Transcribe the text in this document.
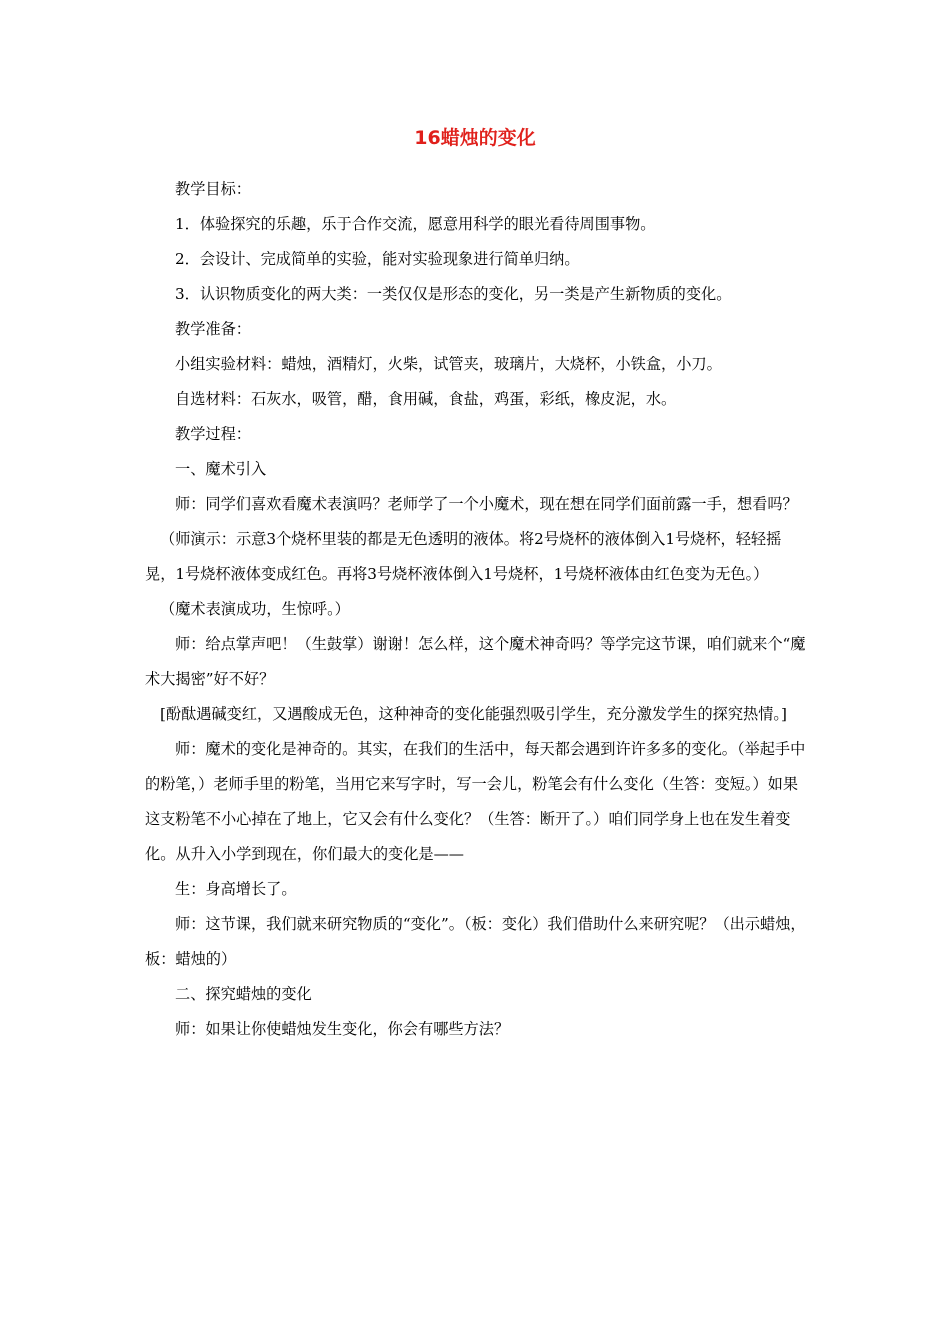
16蜡烛的变化

教学目标：

1．体验探究的乐趣，乐于合作交流，愿意用科学的眼光看待周围事物。

2．会设计、完成简单的实验，能对实验现象进行简单归纳。

3．认识物质变化的两大类：一类仅仅是形态的变化，另一类是产生新物质的变化。

教学准备：

小组实验材料：蜡烛，酒精灯，火柴，试管夹，玻璃片，大烧杯，小铁盒，小刀。

自选材料：石灰水，吸管，醋，食用碱，食盐，鸡蛋，彩纸，橡皮泥，水。

教学过程：

一、魔术引入

师：同学们喜欢看魔术表演吗？老师学了一个小魔术，现在想在同学们面前露一手，想看吗？

（师演示：示意3个烧杯里装的都是无色透明的液体。将2号烧杯的液体倒入1号烧杯，轻轻摇晃，1号烧杯液体变成红色。再将3号烧杯液体倒入1号烧杯，1号烧杯液体由红色变为无色。）

（魔术表演成功，生惊呼。）

师：给点掌声吧！（生鼓掌）谢谢！怎么样，这个魔术神奇吗？等学完这节课，咱们就来个“魔术大揭密”好不好？

[酚酞遇碱变红，又遇酸成无色，这种神奇的变化能强烈吸引学生，充分激发学生的探究热情。]

师：魔术的变化是神奇的。其实，在我们的生活中，每天都会遇到许许多多的变化。（举起手中的粉笔，）老师手里的粉笔，当用它来写字时，写一会儿，粉笔会有什么变化（生答：变短。）如果这支粉笔不小心掉在了地上，它又会有什么变化？（生答：断开了。）咱们同学身上也在发生着变化。从升入小学到现在，你们最大的变化是——

生：身高增长了。

师：这节课，我们就来研究物质的“变化”。（板：变化）我们借助什么来研究呢？（出示蜡烛，板：蜡烛的）

二、探究蜡烛的变化

师：如果让你使蜡烛发生变化，你会有哪些方法？
